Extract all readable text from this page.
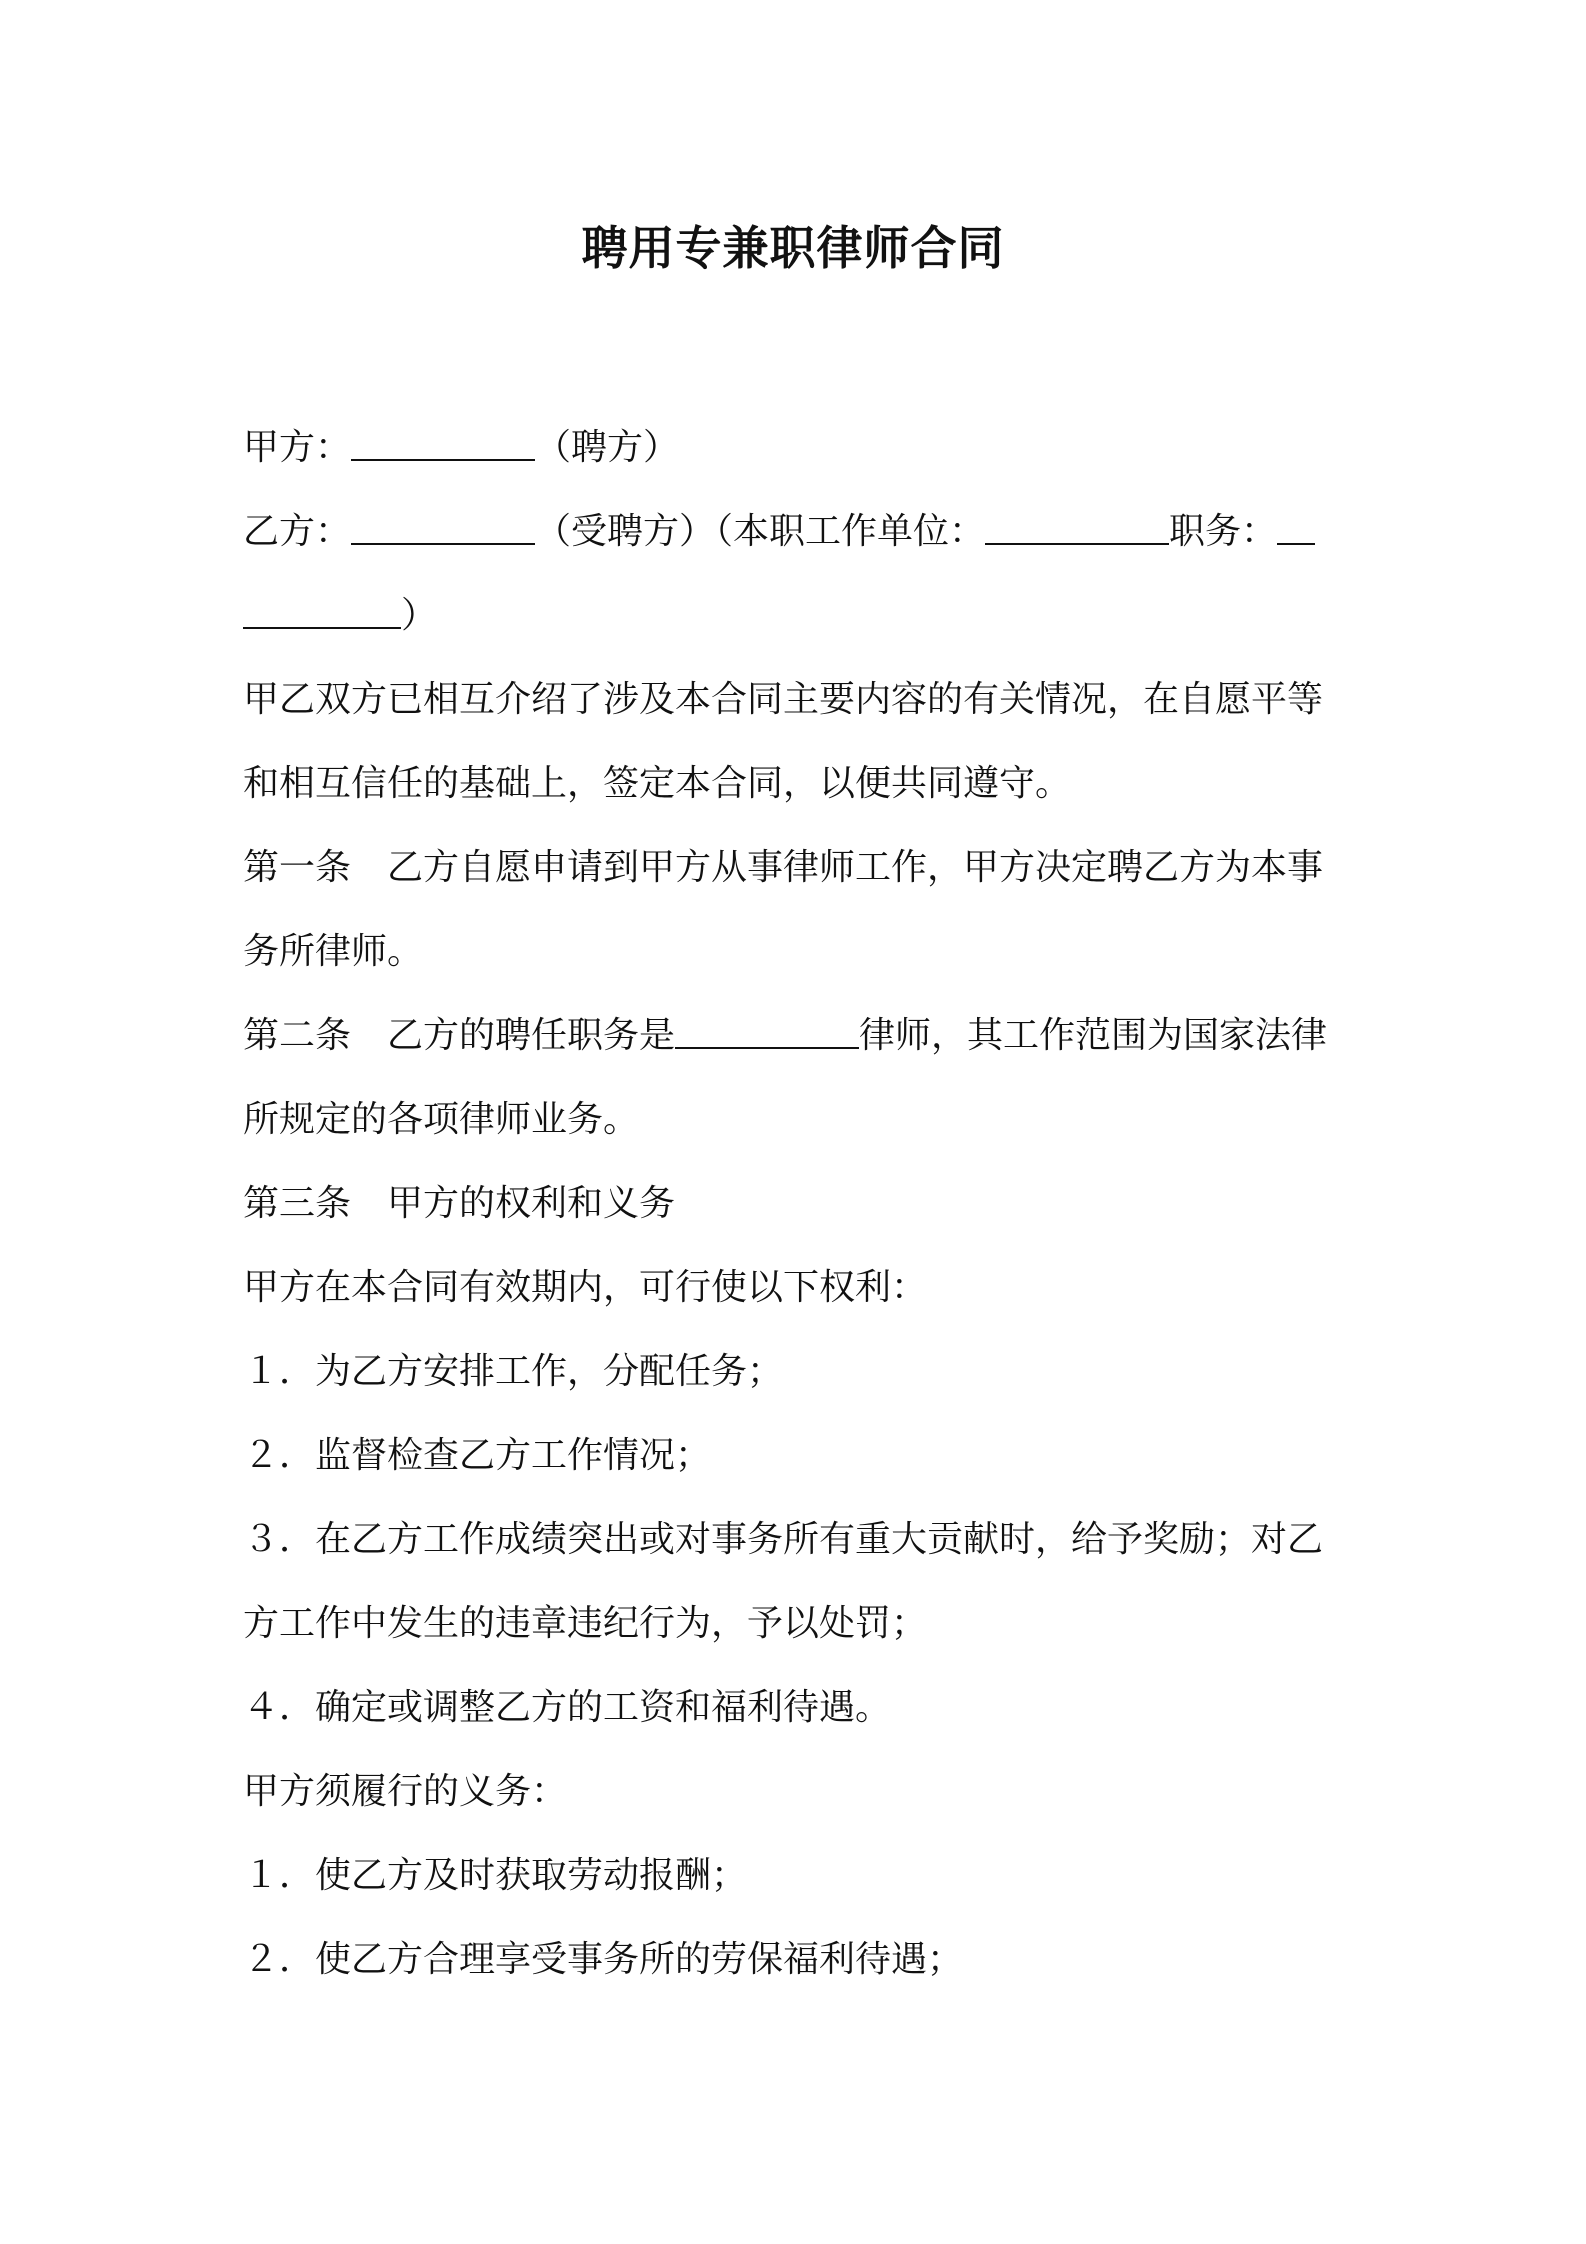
聘用专兼职律师合同
甲方：	（聘方）
乙方：	（受聘方）（本职工作单位：	职务：
）
甲乙双方已相互介绍了涉及本合同主要内容的有关情况，在自愿平等
和相互信任的基础上，签定本合同，以便共同遵守。
第一条　乙方自愿申请到甲方从事律师工作，甲方决定聘乙方为本事
务所律师。
第二条　乙方的聘任职务是	律师，其工作范围为国家法律
所规定的各项律师业务。
第三条　甲方的权利和义务
甲方在本合同有效期内，可行使以下权利：
１．为乙方安排工作，分配任务；
２．监督检查乙方工作情况；
３．在乙方工作成绩突出或对事务所有重大贡献时，给予奖励；对乙
方工作中发生的违章违纪行为，予以处罚；
４．确定或调整乙方的工资和福利待遇。
甲方须履行的义务：
１．使乙方及时获取劳动报酬；
２．使乙方合理享受事务所的劳保福利待遇；
